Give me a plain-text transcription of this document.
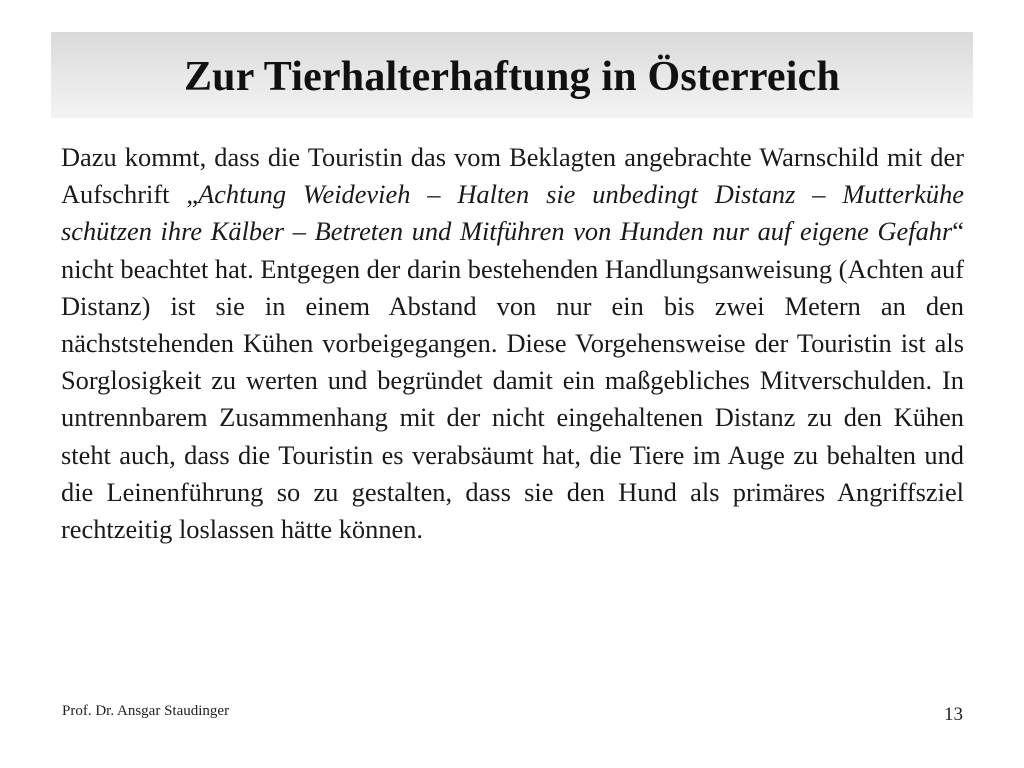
Zur Tierhalterhaftung in Österreich

Dazu kommt, dass die Touristin das vom Beklagten angebrachte Warnschild mit der Aufschrift „Achtung Weidevieh – Halten sie unbedingt Distanz – Mutterkühe schützen ihre Kälber – Betreten und Mitführen von Hunden nur auf eigene Gefahr“ nicht beachtet hat. Entgegen der darin bestehenden Handlungsanweisung (Achten auf Distanz) ist sie in einem Abstand von nur ein bis zwei Metern an den nächststehenden Kühen vorbeigegangen. Diese Vorgehensweise der Touristin ist als Sorglosigkeit zu werten und begründet damit ein maßgebliches Mitverschulden. In untrennbarem Zusammenhang mit der nicht eingehaltenen Distanz zu den Kühen steht auch, dass die Touristin es verabsäumt hat, die Tiere im Auge zu behalten und die Leinenführung so zu gestalten, dass sie den Hund als primäres Angriffsziel rechtzeitig loslassen hätte können.

Prof. Dr. Ansgar Staudinger	13
